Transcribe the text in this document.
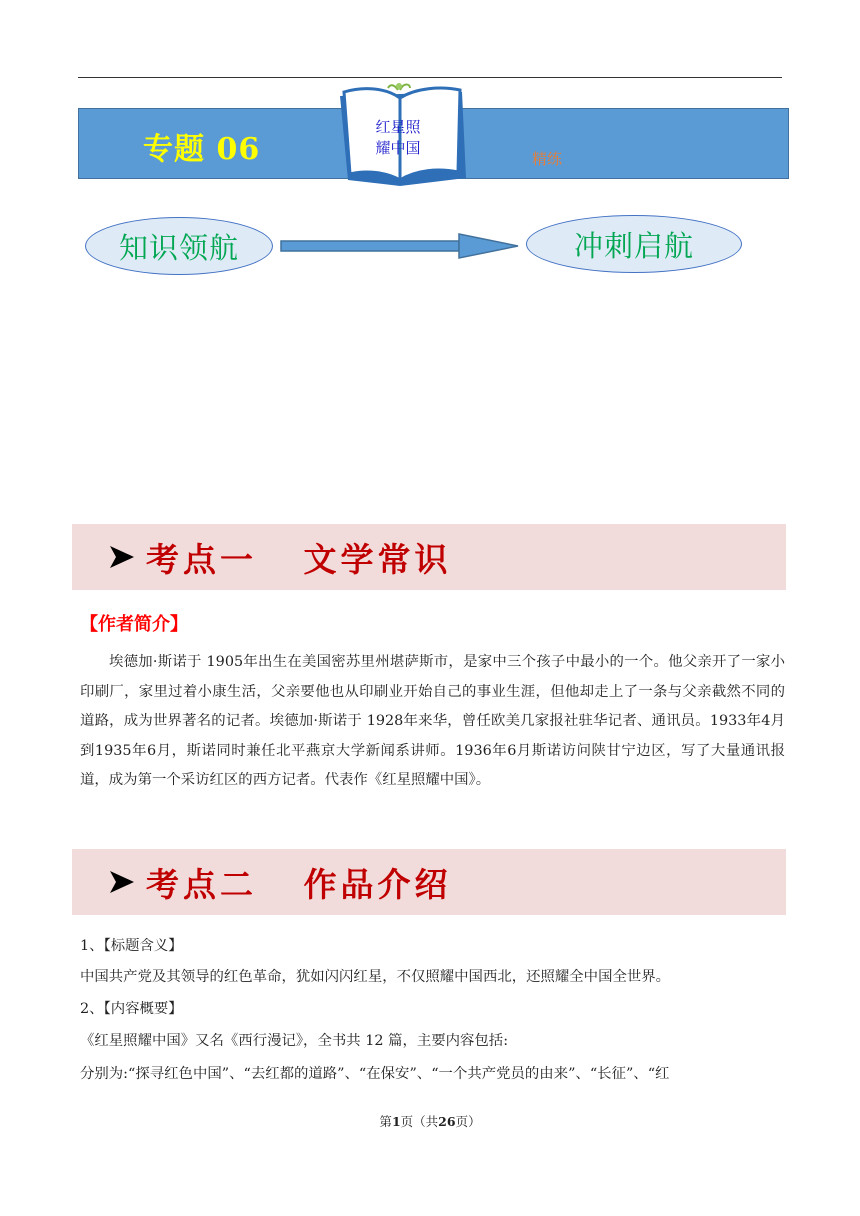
专题 06	精练
红星照
耀中国
知识领航	冲刺启航
考点一   文学常识
【作者简介】

埃德加·斯诺于 1905年出生在美国密苏里州堪萨斯市，是家中三个孩子中最小的一个。他父亲开了一家小印刷厂，家里过着小康生活，父亲要他也从印刷业开始自己的事业生涯，但他却走上了一条与父亲截然不同的道路，成为世界著名的记者。埃德加·斯诺于 1928年来华，曾任欧美几家报社驻华记者、通讯员。1933年4月到1935年6月，斯诺同时兼任北平燕京大学新闻系讲师。1936年6月斯诺访问陕甘宁边区，写了大量通讯报道，成为第一个采访红区的西方记者。代表作《红星照耀中国》。

考点二   作品介绍

1、【标题含义】

中国共产党及其领导的红色革命，犹如闪闪红星，不仅照耀中国西北，还照耀全中国全世界。

2、【内容概要】

《红星照耀中国》又名《西行漫记》，全书共 12 篇，主要内容包括:

分别为:“探寻红色中国”、“去红都的道路”、“在保安”、“一个共产党员的由来”、“长征”、“红

第1页（共26页）
